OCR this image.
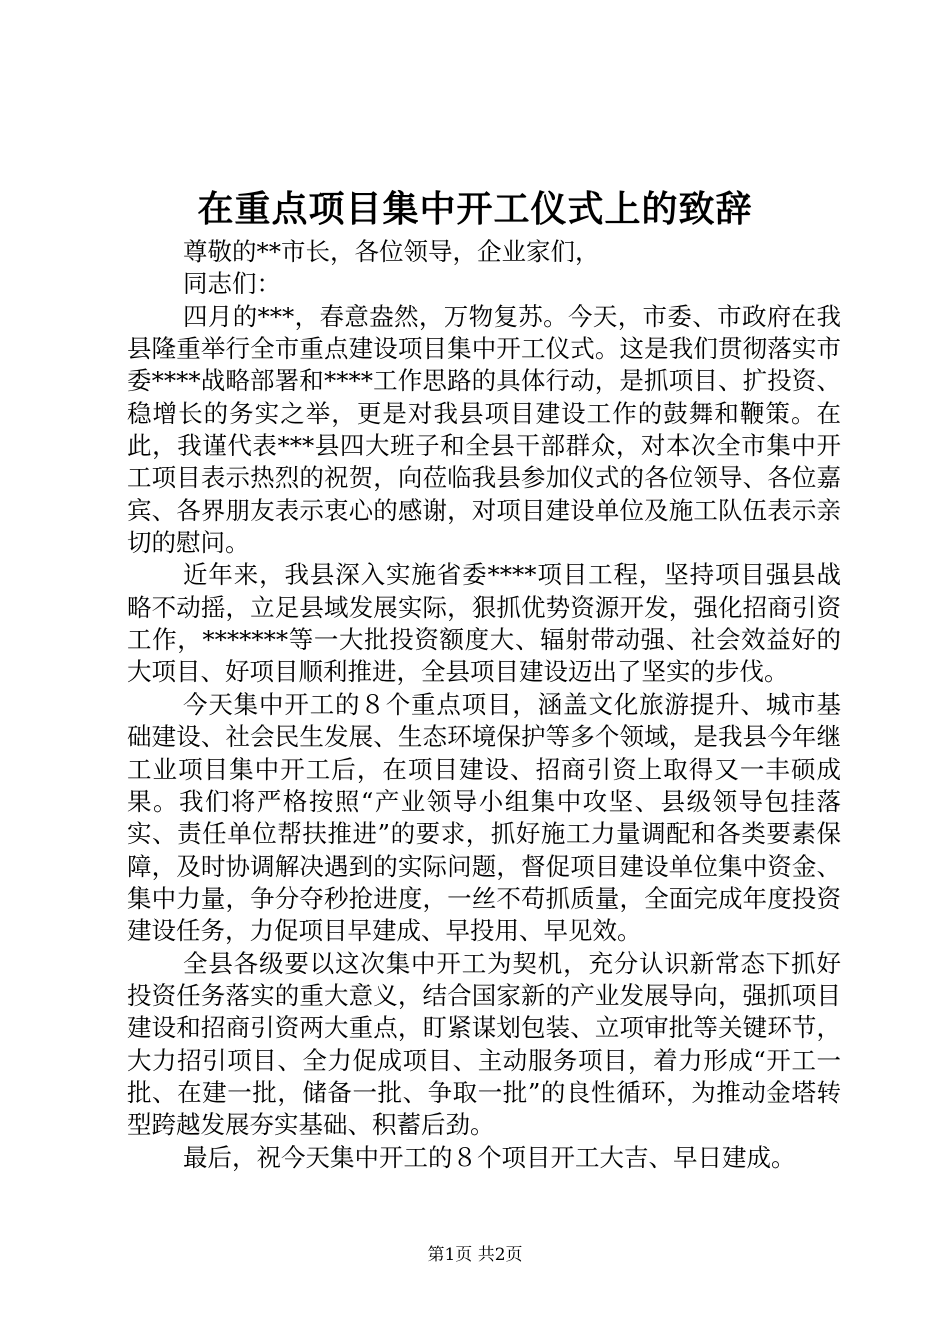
在重点项目集中开工仪式上的致辞

尊敬的**市长，各位领导，企业家们，

同志们：

四月的***，春意盎然，万物复苏。今天，市委、市政府在我县隆重举行全市重点建设项目集中开工仪式。这是我们贯彻落实市委****战略部署和****工作思路的具体行动，是抓项目、扩投资、稳增长的务实之举，更是对我县项目建设工作的鼓舞和鞭策。在此，我谨代表***县四大班子和全县干部群众，对本次全市集中开工项目表示热烈的祝贺，向莅临我县参加仪式的各位领导、各位嘉宾、各界朋友表示衷心的感谢，对项目建设单位及施工队伍表示亲切的慰问。

近年来，我县深入实施省委****项目工程，坚持项目强县战略不动摇，立足县域发展实际，狠抓优势资源开发，强化招商引资工作，*******等一大批投资额度大、辐射带动强、社会效益好的大项目、好项目顺利推进，全县项目建设迈出了坚实的步伐。

今天集中开工的８个重点项目，涵盖文化旅游提升、城市基础建设、社会民生发展、生态环境保护等多个领域，是我县今年继工业项目集中开工后，在项目建设、招商引资上取得又一丰硕成果。我们将严格按照“产业领导小组集中攻坚、县级领导包挂落实、责任单位帮扶推进”的要求，抓好施工力量调配和各类要素保障，及时协调解决遇到的实际问题，督促项目建设单位集中资金、集中力量，争分夺秒抢进度，一丝不苟抓质量，全面完成年度投资建设任务，力促项目早建成、早投用、早见效。

全县各级要以这次集中开工为契机，充分认识新常态下抓好投资任务落实的重大意义，结合国家新的产业发展导向，强抓项目建设和招商引资两大重点，盯紧谋划包装、立项审批等关键环节，大力招引项目、全力促成项目、主动服务项目，着力形成“开工一批、在建一批，储备一批、争取一批”的良性循环，为推动金塔转型跨越发展夯实基础、积蓄后劲。

最后，祝今天集中开工的８个项目开工大吉、早日建成。

第1页 共2页
